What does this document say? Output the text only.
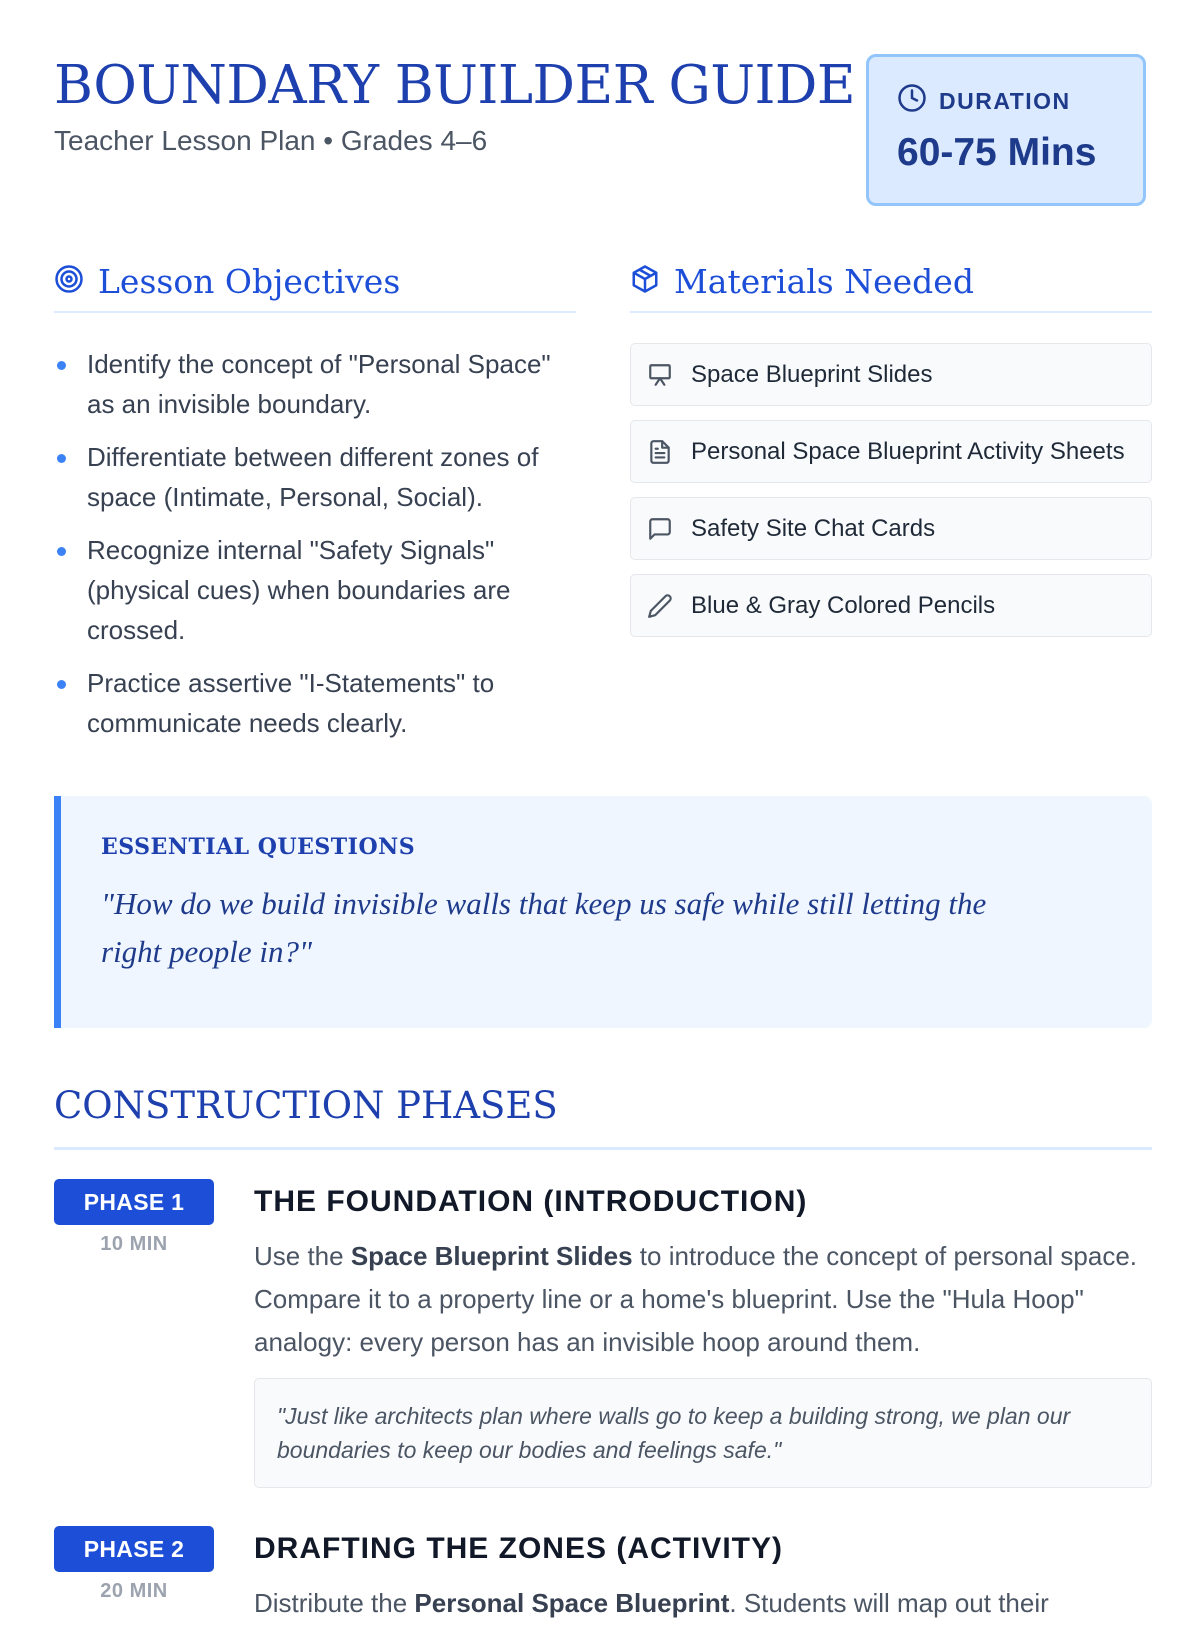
BOUNDARY BUILDER GUIDE
Teacher Lesson Plan • Grades 4–6
DURATION
60-75 Mins
Lesson Objectives
Identify the concept of "Personal Space" as an invisible boundary.
Differentiate between different zones of space (Intimate, Personal, Social).
Recognize internal "Safety Signals" (physical cues) when boundaries are crossed.
Practice assertive "I-Statements" to communicate needs clearly.
Materials Needed
Space Blueprint Slides
Personal Space Blueprint Activity Sheets
Safety Site Chat Cards
Blue & Gray Colored Pencils
ESSENTIAL QUESTIONS
"How do we build invisible walls that keep us safe while still letting the right people in?"
CONSTRUCTION PHASES
PHASE 1
10 MIN
THE FOUNDATION (INTRODUCTION)
Use the Space Blueprint Slides to introduce the concept of personal space. Compare it to a property line or a home's blueprint. Use the "Hula Hoop" analogy: every person has an invisible hoop around them.
"Just like architects plan where walls go to keep a building strong, we plan our boundaries to keep our bodies and feelings safe."
PHASE 2
20 MIN
DRAFTING THE ZONES (ACTIVITY)
Distribute the Personal Space Blueprint. Students will map out their
